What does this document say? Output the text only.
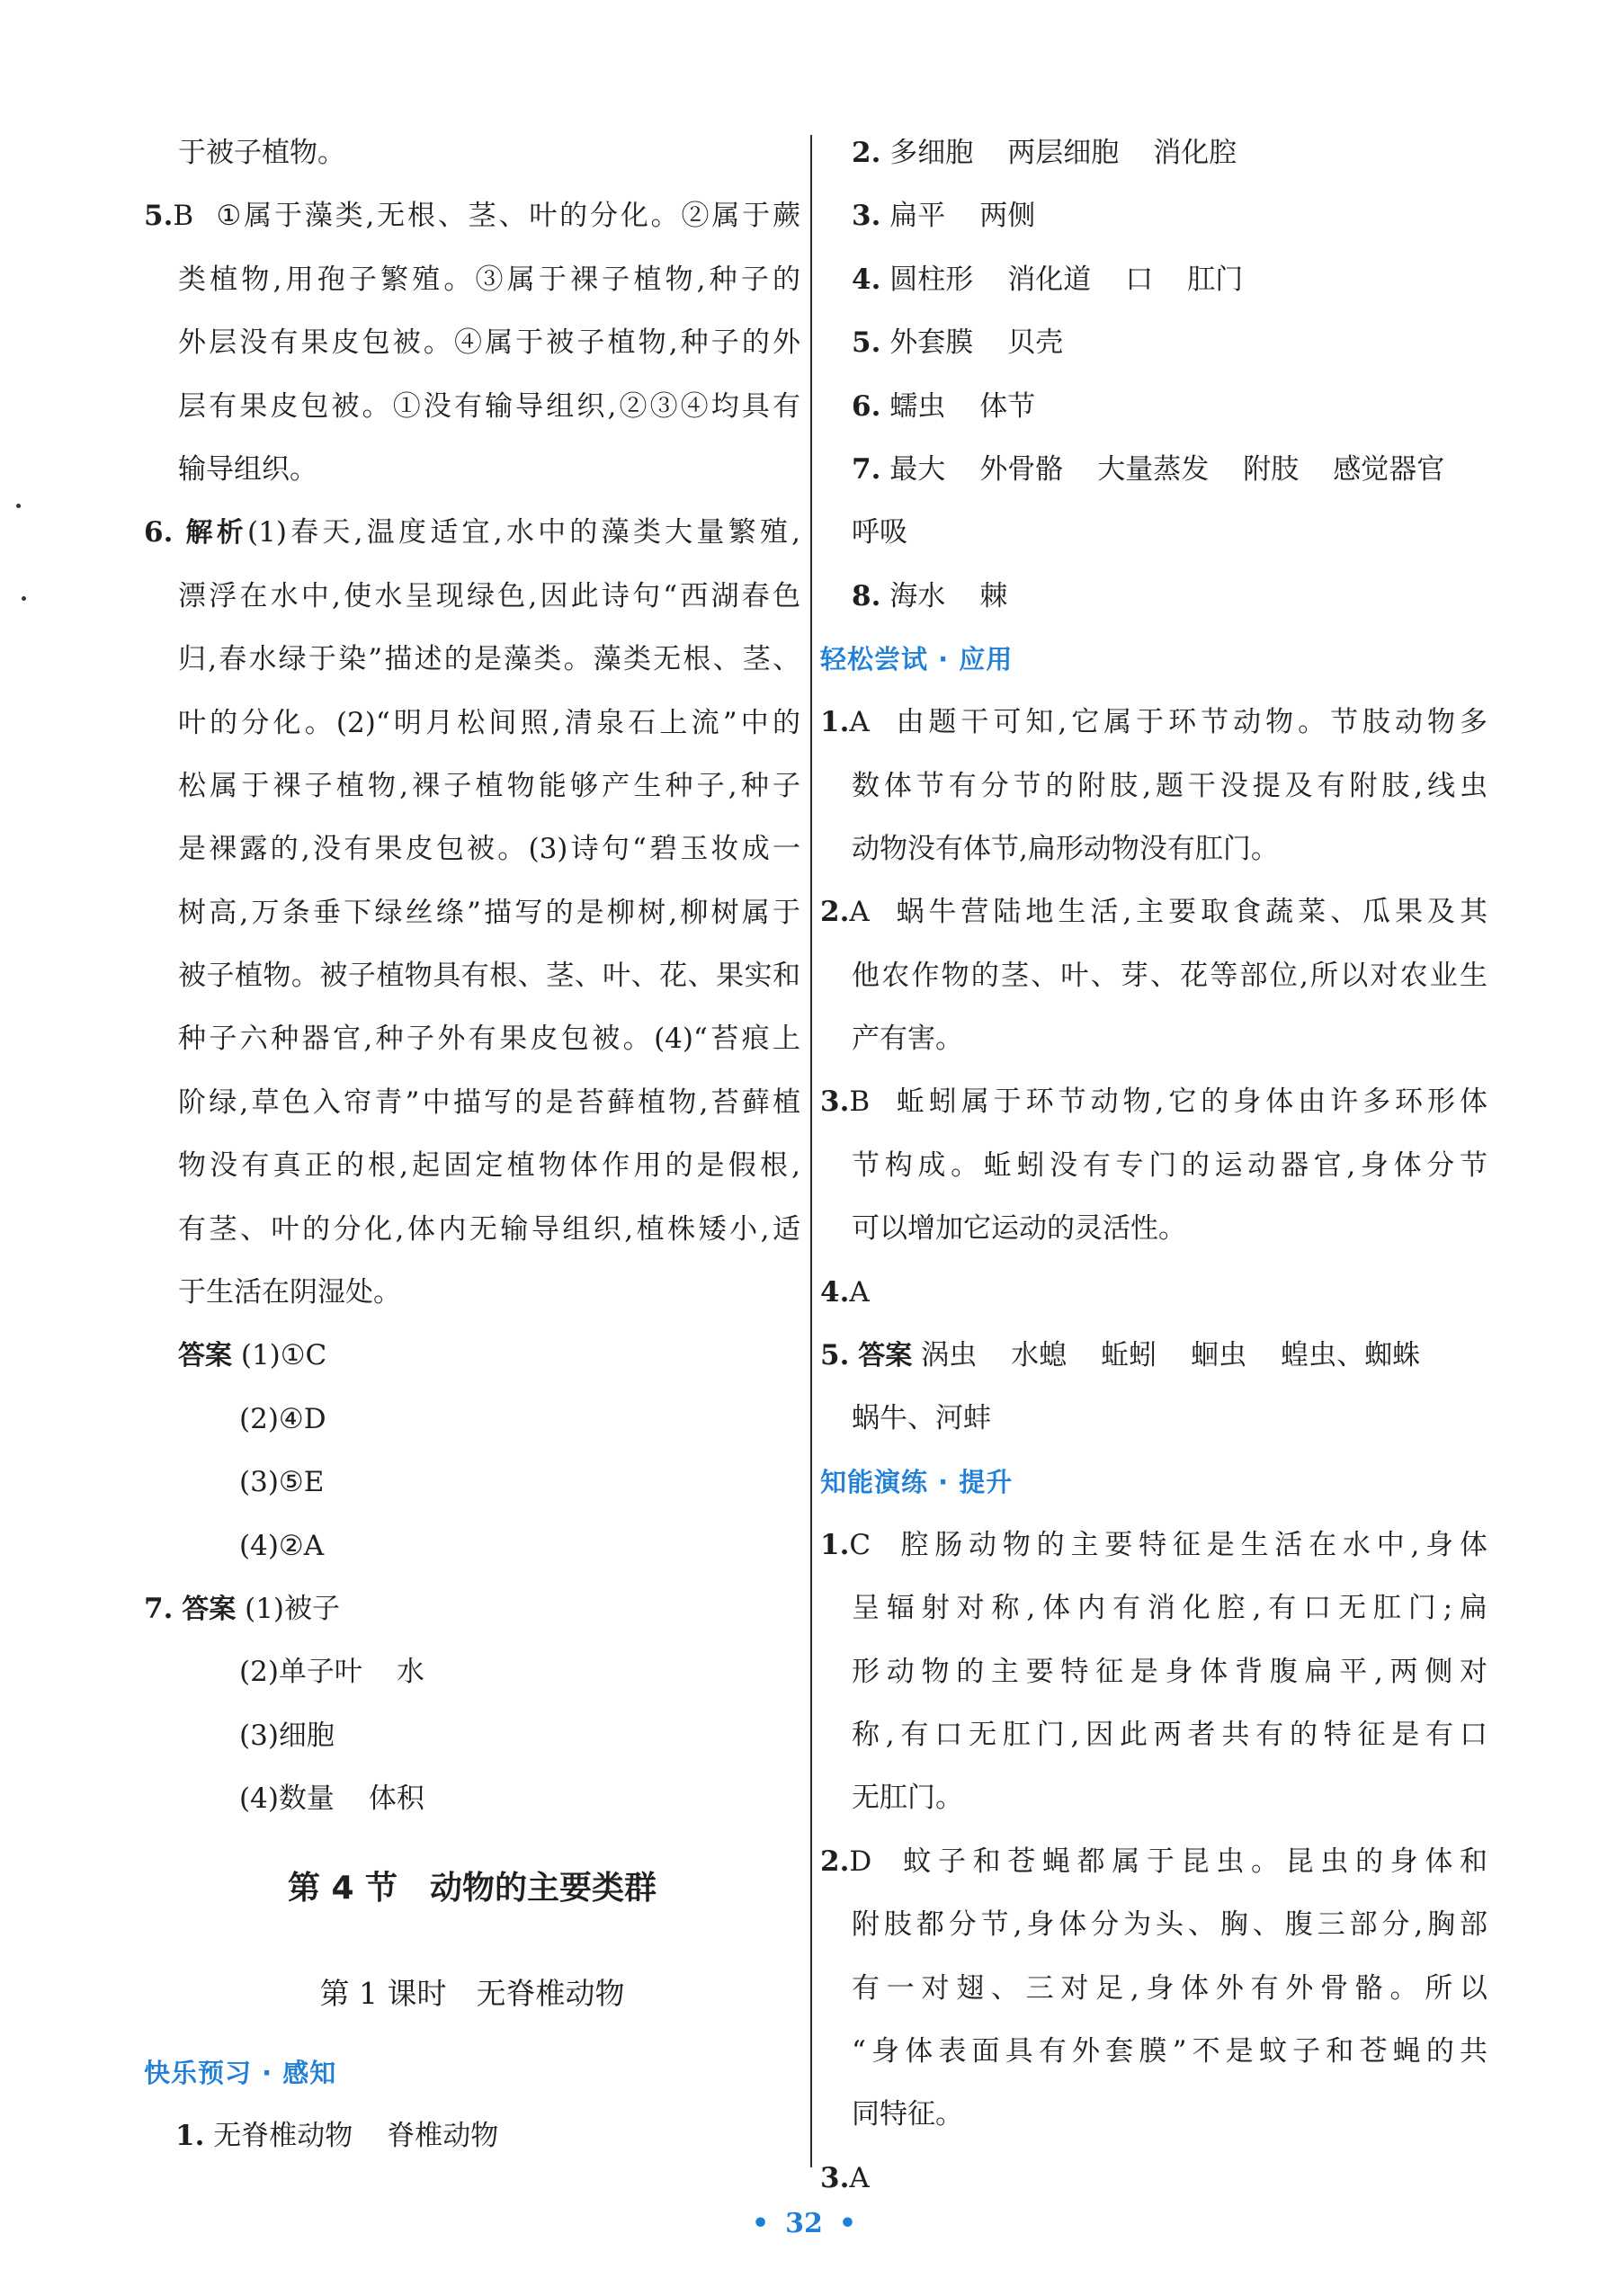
于被子植物。
5.B ①属于藻类,无根、茎、叶的分化。②属于蕨
类植物,用孢子繁殖。③属于裸子植物,种子的
外层没有果皮包被。④属于被子植物,种子的外
层有果皮包被。①没有输导组织,②③④均具有
输导组织。
6. 解析(1)春天,温度适宜,水中的藻类大量繁殖,
漂浮在水中,使水呈现绿色,因此诗句“西湖春色
归,春水绿于染”描述的是藻类。藻类无根、茎、
叶的分化。(2)“明月松间照,清泉石上流”中的
松属于裸子植物,裸子植物能够产生种子,种子
是裸露的,没有果皮包被。(3)诗句“碧玉妆成一
树高,万条垂下绿丝绦”描写的是柳树,柳树属于
被子植物。被子植物具有根、茎、叶、花、果实和
种子六种器官,种子外有果皮包被。(4)“苔痕上
阶绿,草色入帘青”中描写的是苔藓植物,苔藓植
物没有真正的根,起固定植物体作用的是假根,
有茎、叶的分化,体内无输导组织,植株矮小,适
于生活在阴湿处。
答案 (1)①C
(2)④D
(3)⑤E
(4)②A
7. 答案 (1)被子
(2)单子叶 水
(3)细胞
(4)数量 体积
第 4 节　动物的主要类群
第 1 课时　无脊椎动物
快乐预习 · 感知
1. 无脊椎动物 脊椎动物
2. 多细胞 两层细胞 消化腔
3. 扁平 两侧
4. 圆柱形 消化道 口 肛门
5. 外套膜 贝壳
6. 蠕虫 体节
7. 最大 外骨骼 大量蒸发 附肢 感觉器官
呼吸
8. 海水 棘
轻松尝试 · 应用
1.A 由题干可知,它属于环节动物。节肢动物多
数体节有分节的附肢,题干没提及有附肢,线虫
动物没有体节,扁形动物没有肛门。
2.A 蜗牛营陆地生活,主要取食蔬菜、瓜果及其
他农作物的茎、叶、芽、花等部位,所以对农业生
产有害。
3.B 蚯蚓属于环节动物,它的身体由许多环形体
节构成。蚯蚓没有专门的运动器官,身体分节
可以增加它运动的灵活性。
4.A
5. 答案 涡虫 水螅 蚯蚓 蛔虫 蝗虫、蜘蛛
蜗牛、河蚌
知能演练 · 提升
1.C 腔肠动物的主要特征是生活在水中,身体
呈辐射对称,体内有消化腔,有口无肛门;扁
形动物的主要特征是身体背腹扁平,两侧对
称,有口无肛门,因此两者共有的特征是有口
无肛门。
2.D 蚊子和苍蝇都属于昆虫。昆虫的身体和
附肢都分节,身体分为头、胸、腹三部分,胸部
有一对翅、三对足,身体外有外骨骼。所以
“身体表面具有外套膜”不是蚊子和苍蝇的共
同特征。
3.A
• 32 •
